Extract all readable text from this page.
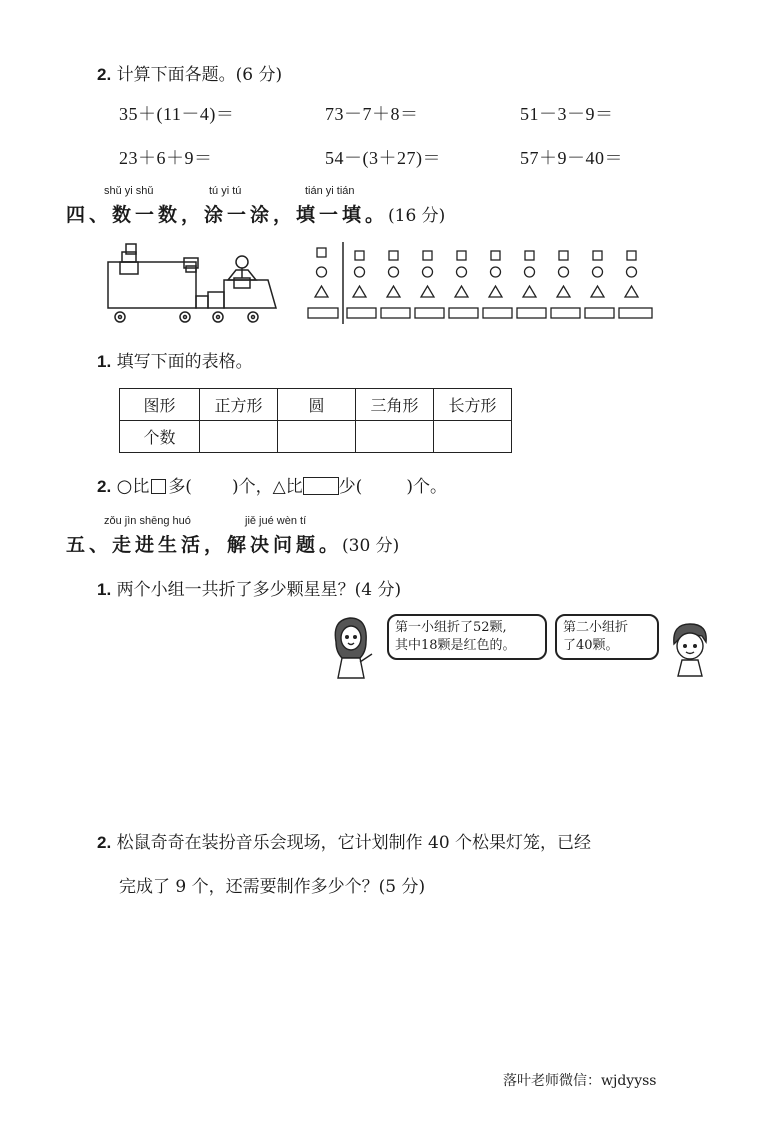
2. 计算下面各题。(6 分)
35＋(11－4)＝	73－7＋8＝	51－3－9＝
23＋6＋9＝	54－(3＋27)＝	57＋9－40＝
shǔ yi shǔ	tú yi tú	tián yi tián
四、数一数，涂一涂，填一填。(16 分)
1. 填写下面的表格。
图形	正方形	圆	三角形	长方形
个数				
2. ○比 多( )个，△比 少(	)个。
zǒu jìn shēng huó	jiě jué wèn tí
五、走进生活，解决问题。(30 分)
1. 两个小组一共折了多少颗星星？(4 分)
第一小组折了52颗,
其中18颗是红色的。
第二小组折
了40颗。
2. 松鼠奇奇在装扮音乐会现场，它计划制作 40 个松果灯笼，已经
完成了 9 个，还需要制作多少个？(5 分)
落叶老师微信：wjdyyss
